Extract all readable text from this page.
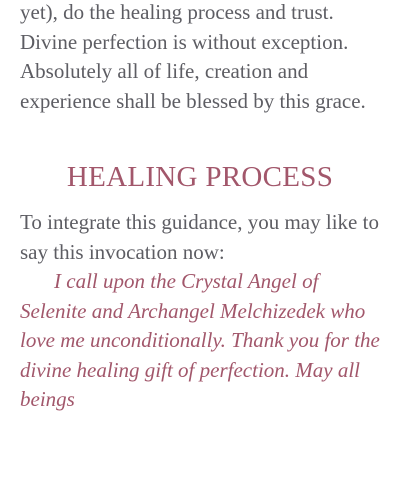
yet), do the healing process and trust. Divine perfection is without exception. Absolutely all of life, creation and experience shall be blessed by this grace.

HEALING PROCESS

To integrate this guidance, you may like to say this invocation now:

I call upon the Crystal Angel of Selenite and Archangel Melchizedek who love me unconditionally. Thank you for the divine healing gift of perfection. May all beings
